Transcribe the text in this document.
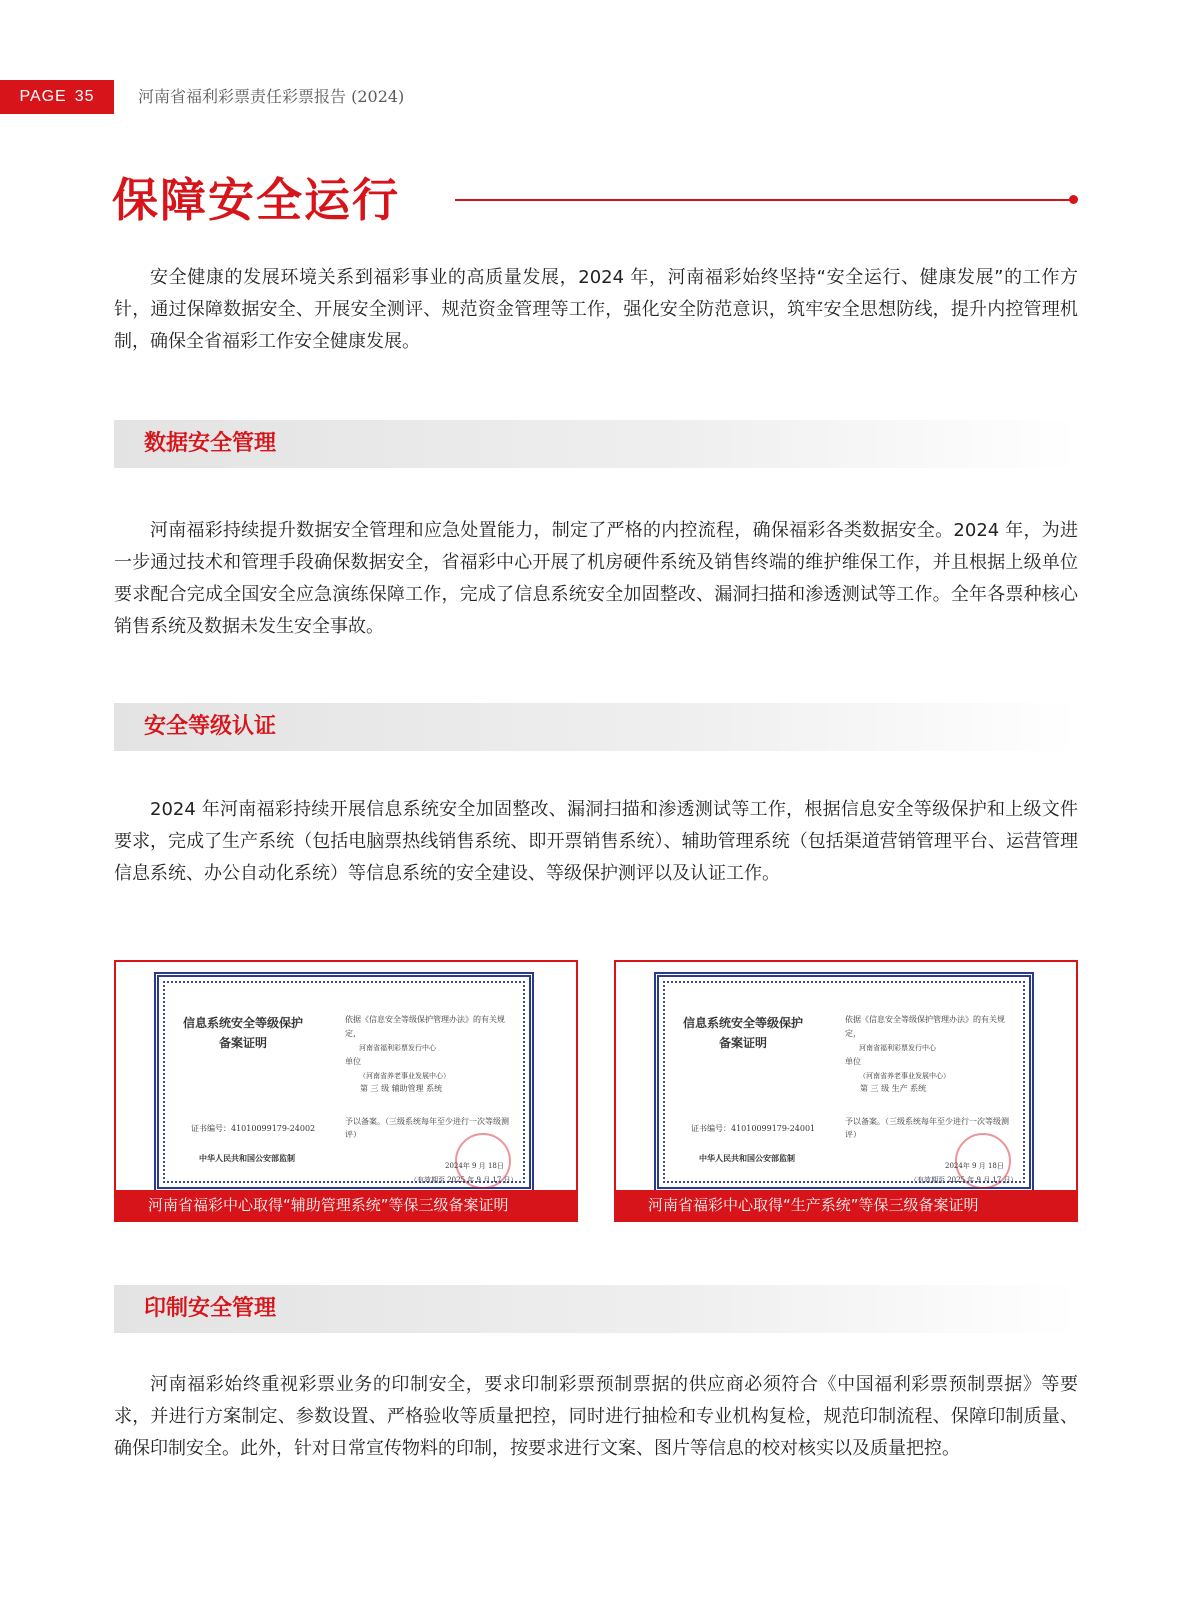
PAGE 35	河南省福利彩票责任彩票报告 (2024)
保障安全运行

安全健康的发展环境关系到福彩事业的高质量发展，2024 年，河南福彩始终坚持“安全运行、健康发展”的工作方针，通过保障数据安全、开展安全测评、规范资金管理等工作，强化安全防范意识，筑牢安全思想防线，提升内控管理机制，确保全省福彩工作安全健康发展。

数据安全管理

河南福彩持续提升数据安全管理和应急处置能力，制定了严格的内控流程，确保福彩各类数据安全。2024 年，为进一步通过技术和管理手段确保数据安全，省福彩中心开展了机房硬件系统及销售终端的维护维保工作，并且根据上级单位要求配合完成全国安全应急演练保障工作，完成了信息系统安全加固整改、漏洞扫描和渗透测试等工作。全年各票种核心销售系统及数据未发生安全事故。

安全等级认证

2024 年河南福彩持续开展信息系统安全加固整改、漏洞扫描和渗透测试等工作，根据信息安全等级保护和上级文件要求，完成了生产系统（包括电脑票热线销售系统、即开票销售系统）、辅助管理系统（包括渠道营销管理平台、运营管理信息系统、办公自动化系统）等信息系统的安全建设、等级保护测评以及认证工作。

信息系统安全等级保护
备案证明
依据《信息安全等级保护管理办法》的有关规定，
河南省福利彩票发行中心
单位
（河南省养老事业发展中心）
第 三 级 辅助管理 系统
证书编号：41010099179-24002
予以备案。（三级系统每年至少进行一次等级测评）
中华人民共和国公安部监制
2024年 9 月 18日
（有效期至 2025 年 9 月 17 日）
河南省福彩中心取得“辅助管理系统”等保三级备案证明
信息系统安全等级保护
备案证明
依据《信息安全等级保护管理办法》的有关规定，
河南省福利彩票发行中心
单位
（河南省养老事业发展中心）
第 三 级 生产 系统
证书编号：41010099179-24001
予以备案。（三级系统每年至少进行一次等级测评）
中华人民共和国公安部监制
2024年 9 月 18日
（有效期至 2025 年 9 月 17 日）
河南省福彩中心取得“生产系统”等保三级备案证明
印制安全管理

河南福彩始终重视彩票业务的印制安全，要求印制彩票预制票据的供应商必须符合《中国福利彩票预制票据》等要求，并进行方案制定、参数设置、严格验收等质量把控，同时进行抽检和专业机构复检，规范印制流程、保障印制质量、确保印制安全。此外，针对日常宣传物料的印制，按要求进行文案、图片等信息的校对核实以及质量把控。
